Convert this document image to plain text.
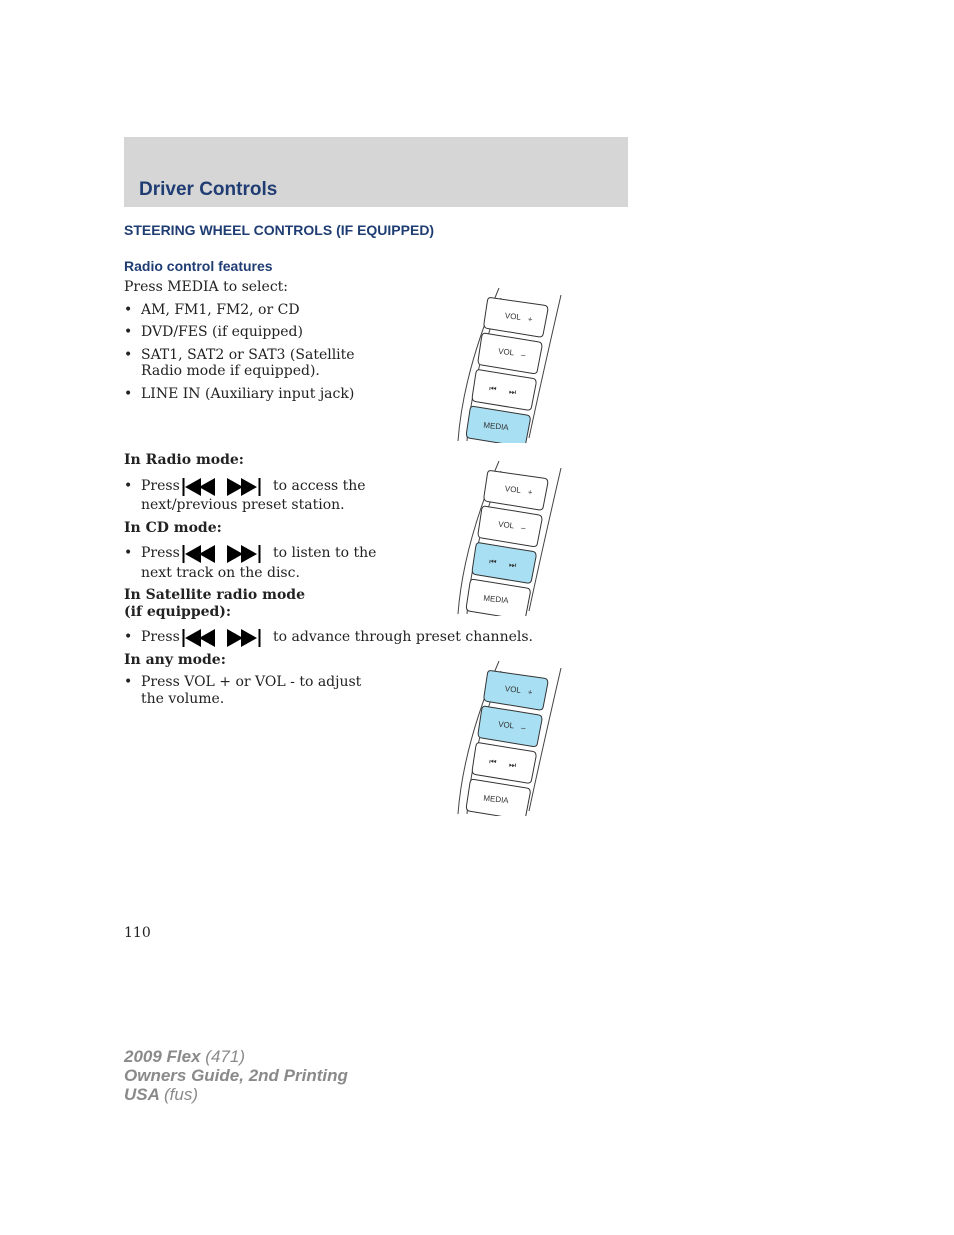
Driver Controls
STEERING WHEEL CONTROLS (IF EQUIPPED)
Radio control features
Press MEDIA to select:
• AM, FM1, FM2, or CD
• DVD/FES (if equipped)
• SAT1, SAT2 or SAT3 (Satellite
Radio mode if equipped).
• LINE IN (Auxiliary input jack)
VOL +
VOL –
⏮ ⏭
MEDIA
In Radio mode:
• Press	to access the
next/previous preset station.
VOL +
VOL –
⏮ ⏭
MEDIA
In CD mode:
• Press	to listen to the
next track on the disc.
In Satellite radio mode
(if equipped):
• Press	to advance through preset channels.
In any mode:
• Press VOL + or VOL - to adjust
the volume.
VOL +
VOL –
⏮ ⏭
MEDIA
110
2009 Flex (471)
Owners Guide, 2nd Printing
USA (fus)
